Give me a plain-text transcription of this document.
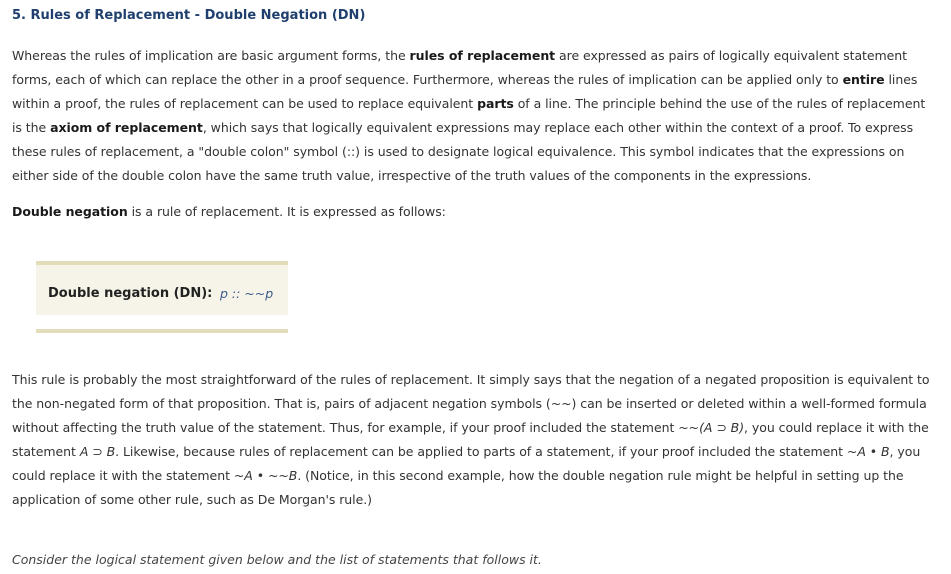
5. Rules of Replacement - Double Negation (DN)

Whereas the rules of implication are basic argument forms, the rules of replacement are expressed as pairs of logically equivalent statement forms, each of which can replace the other in a proof sequence. Furthermore, whereas the rules of implication can be applied only to entire lines within a proof, the rules of replacement can be used to replace equivalent parts of a line. The principle behind the use of the rules of replacement is the axiom of replacement, which says that logically equivalent expressions may replace each other within the context of a proof. To express these rules of replacement, a "double colon" symbol (::) is used to designate logical equivalence. This symbol indicates that the expressions on either side of the double colon have the same truth value, irrespective of the truth values of the components in the expressions.

Double negation is a rule of replacement. It is expressed as follows:

Double negation (DN): p :: ~~p

This rule is probably the most straightforward of the rules of replacement. It simply says that the negation of a negated proposition is equivalent to the non-negated form of that proposition. That is, pairs of adjacent negation symbols (~~) can be inserted or deleted within a well-formed formula without affecting the truth value of the statement. Thus, for example, if your proof included the statement ~~(A ⊃ B), you could replace it with the statement A ⊃ B. Likewise, because rules of replacement can be applied to parts of a statement, if your proof included the statement ~A • B, you could replace it with the statement ~A • ~~B. (Notice, in this second example, how the double negation rule might be helpful in setting up the application of some other rule, such as De Morgan's rule.)

Consider the logical statement given below and the list of statements that follows it.
